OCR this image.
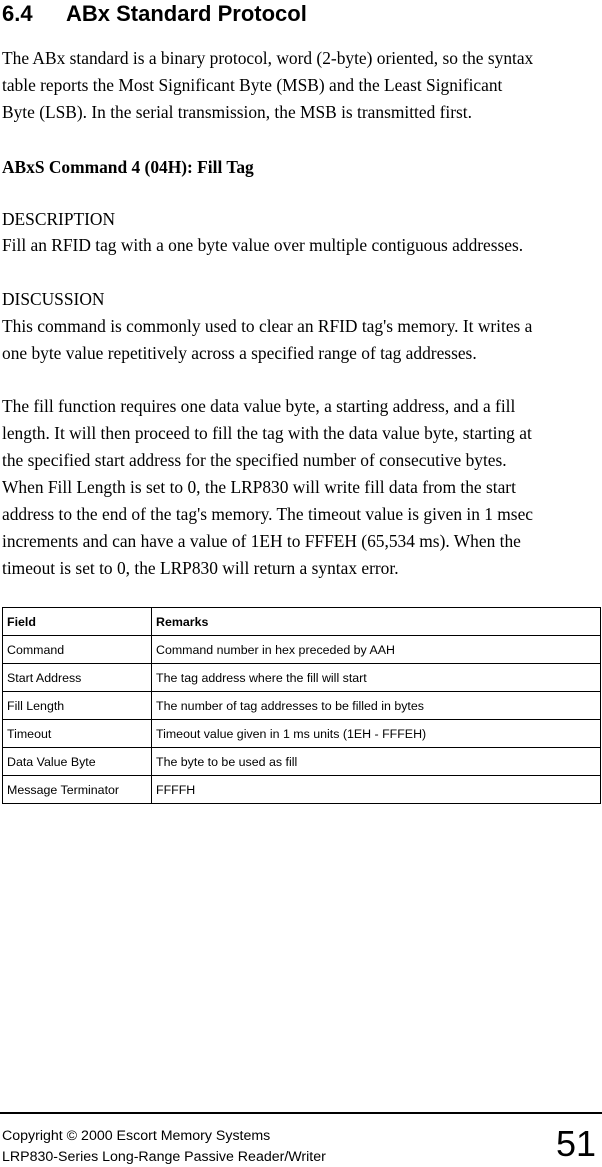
6.4 ABx Standard Protocol

The ABx standard is a binary protocol, word (2-byte) oriented, so the syntax

table reports the Most Significant Byte (MSB) and the Least Significant

Byte (LSB). In the serial transmission, the MSB is transmitted first.

ABxS Command 4 (04H): Fill Tag

DESCRIPTION

Fill an RFID tag with a one byte value over multiple contiguous addresses.

DISCUSSION

This command is commonly used to clear an RFID tag's memory. It writes a

one byte value repetitively across a specified range of tag addresses.

The fill function requires one data value byte, a starting address, and a fill

length. It will then proceed to fill the tag with the data value byte, starting at

the specified start address for the specified number of consecutive bytes.

When Fill Length is set to 0, the LRP830 will write fill data from the start

address to the end of the tag's memory. The timeout value is given in 1 msec

increments and can have a value of 1EH to FFFEH (65,534 ms). When the

timeout is set to 0, the LRP830 will return a syntax error.

Field	Remarks
Command	Command number in hex preceded by AAH
Start Address	The tag address where the fill will start
Fill Length	The number of tag addresses to be filled in bytes
Timeout	Timeout value given in 1 ms units (1EH - FFFEH)
Data Value Byte	The byte to be used as fill
Message Terminator	FFFFH

Copyright © 2000 Escort Memory Systems

LRP830-Series Long-Range Passive Reader/Writer	51
